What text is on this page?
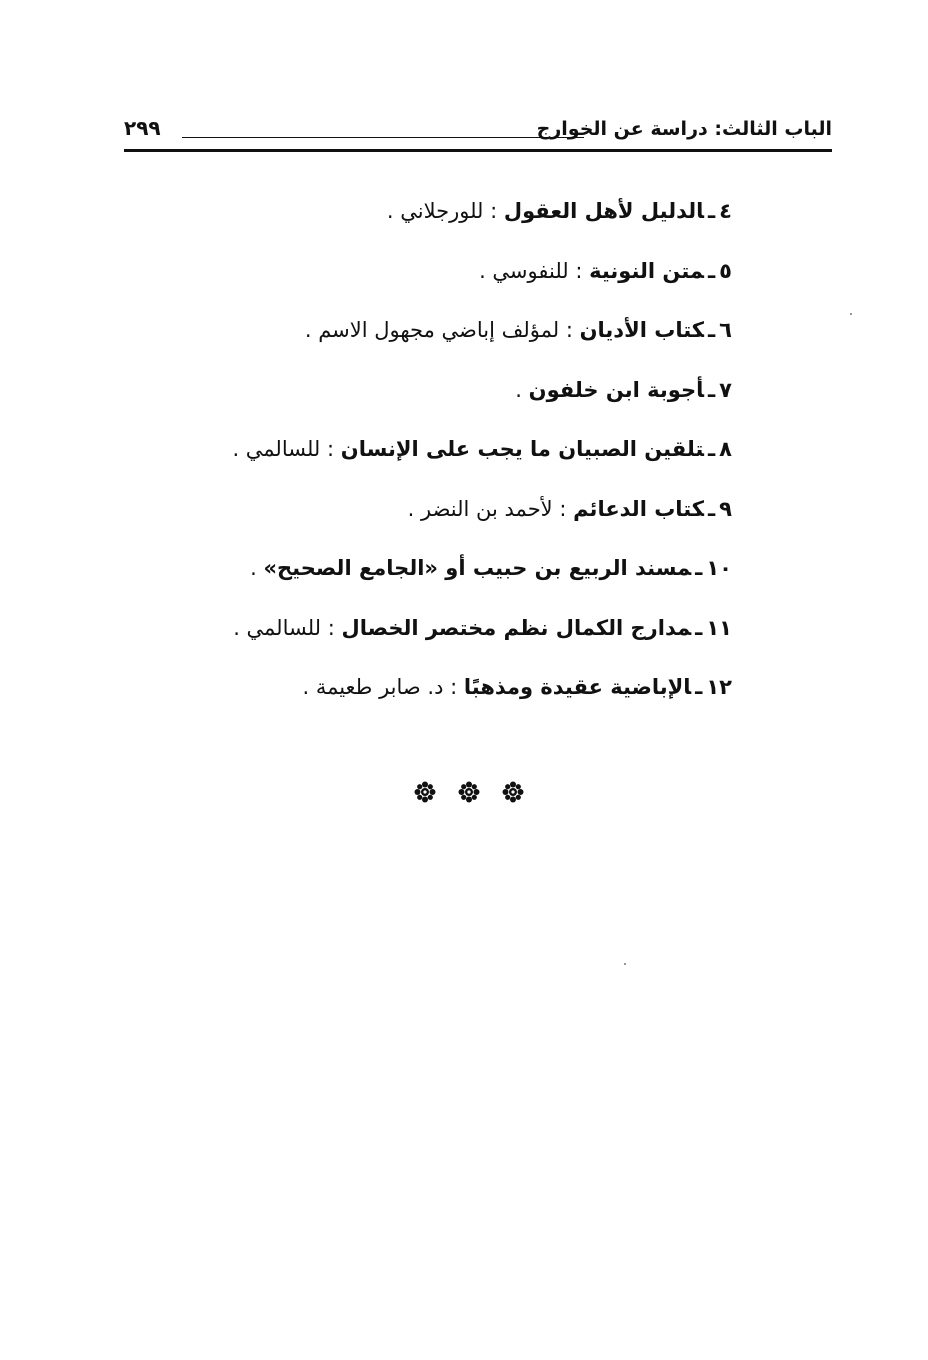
الباب الثالث: دراسة عن الخوارج
٢٩٩
٤ـالدليل لأهل العقول : للورجلاني .
٥ـمتن النونية : للنفوسي .
٦ـكتاب الأديان : لمؤلف إباضي مجهول الاسم .
٧ـأجوبة ابن خلفون .
٨ـتلقين الصبيان ما يجب على الإنسان : للسالمي .
٩ـكتاب الدعائم : لأحمد بن النضر .
١٠ـمسند الربيع بن حبيب أو «الجامع الصحيح» .
١١ـمدارج الكمال نظم مختصر الخصال : للسالمي .
١٢ـالإباضية عقيدة ومذهبًا : د. صابر طعيمة .
